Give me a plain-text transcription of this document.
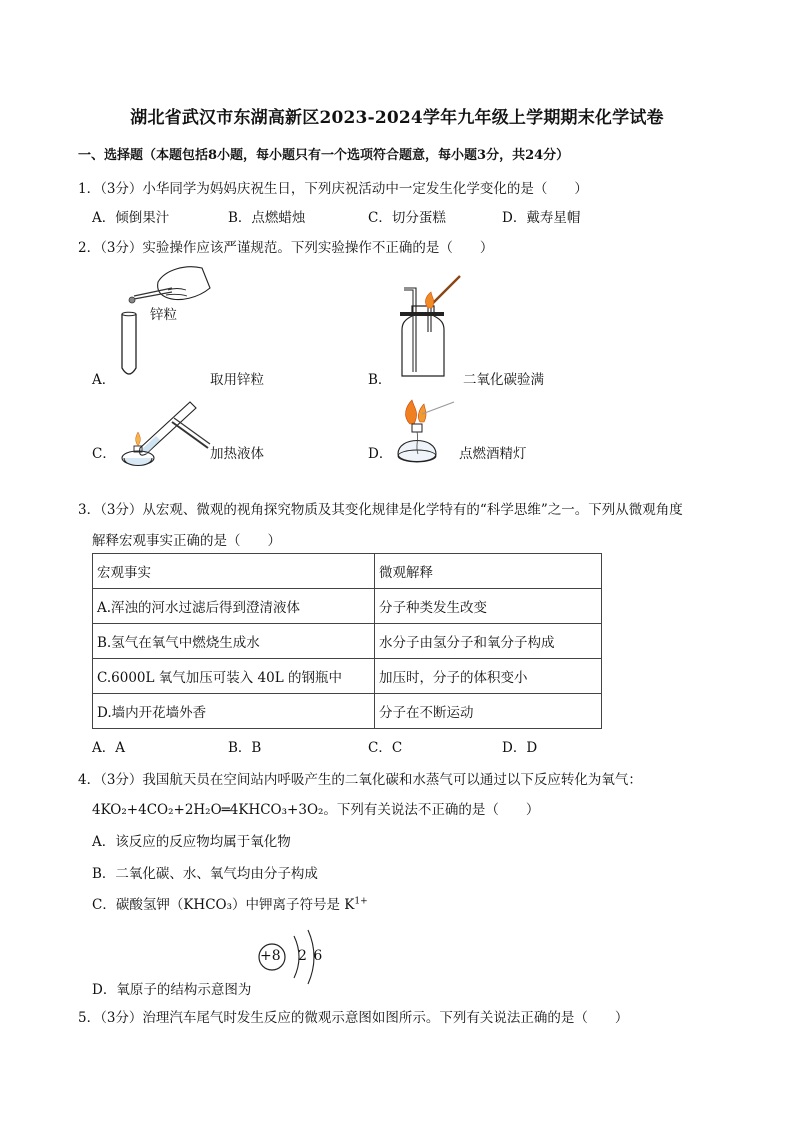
湖北省武汉市东湖高新区2023-2024学年九年级上学期期末化学试卷
一、选择题（本题包括8小题，每小题只有一个选项符合题意，每小题3分，共24分）
1．（3分）小华同学为妈妈庆祝生日，下列庆祝活动中一定发生化学变化的是（　　）
A．倾倒果汁	B．点燃蜡烛	C．切分蛋糕	D．戴寿星帽
2．（3分）实验操作应该严谨规范。下列实验操作不正确的是（　　）
锌粒
A．	取用锌粒	B．	二氧化碳验满
C．	加热液体	D．	点燃酒精灯
3．（3分）从宏观、微观的视角探究物质及其变化规律是化学特有的“科学思维”之一。下列从微观角度
解释宏观事实正确的是（　　）
宏观事实	微观解释
A.浑浊的河水过滤后得到澄清液体	分子种类发生改变
B.氢气在氧气中燃烧生成水	水分子由氢分子和氧分子构成
C.6000L 氧气加压可装入 40L 的钢瓶中	加压时，分子的体积变小
D.墙内开花墙外香	分子在不断运动
A．A	B．B	C．C	D．D
4．（3分）我国航天员在空间站内呼吸产生的二氧化碳和水蒸气可以通过以下反应转化为氧气：
4KO₂+4CO₂+2H₂O═4KHCO₃+3O₂。下列有关说法不正确的是（　　）
A．该反应的反应物均属于氧化物
B．二氧化碳、水、氧气均由分子构成
C．碳酸氢钾（KHCO₃）中钾离子符号是 $K^{1+}$
+8 2 6
D．氧原子的结构示意图为
5．（3分）治理汽车尾气时发生反应的微观示意图如图所示。下列有关说法正确的是（　　）
